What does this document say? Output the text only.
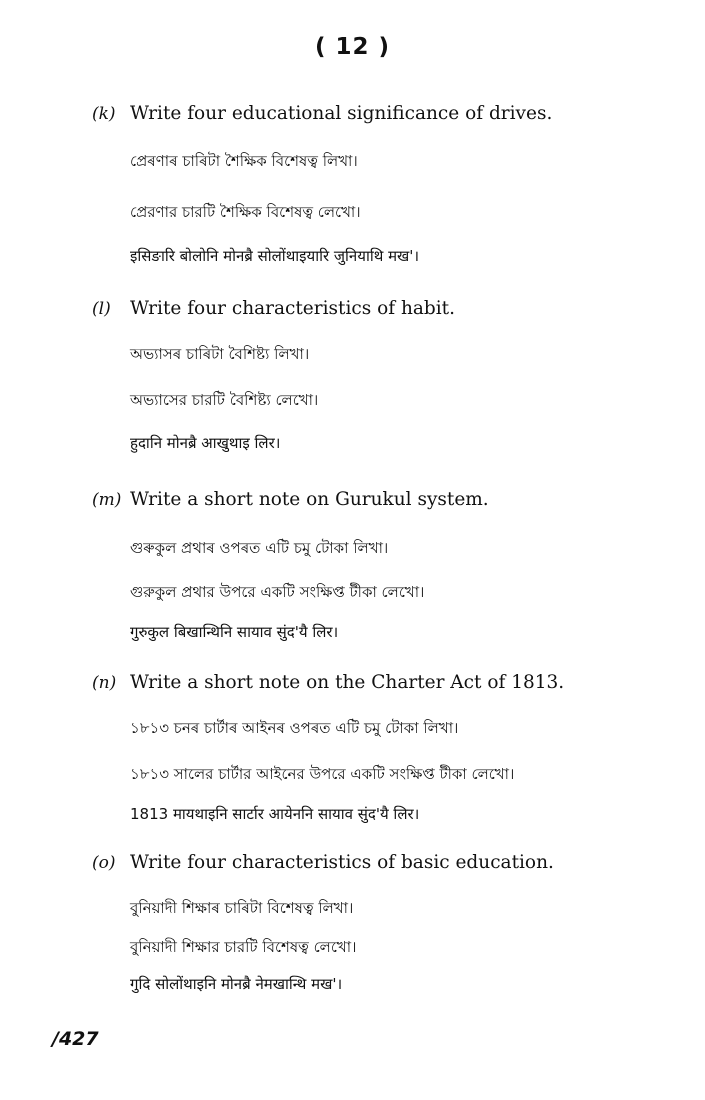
( 12 )
(k) Write four educational significance of drives.
প্ৰেৰণাৰ চাৰিটা শৈক্ষিক বিশেষত্ব লিখা।
প্রেরণার চারটি শৈক্ষিক বিশেষত্ব লেখো।
इसिङारि बोलोनि मोनब्रै सोलोंथाइयारि जुनियाथि मख'।
(l) Write four characteristics of habit.
অভ্যাসৰ চাৰিটা বৈশিষ্ট্য লিখা।
অভ্যাসের চারটি বৈশিষ্ট্য লেখো।
हुदानि मोनब्रै आखुथाइ लिर।
(m) Write a short note on Gurukul system.
গুৰুকুল প্ৰথাৰ ওপৰত এটি চমু টোকা লিখা।
গুরুকুল প্রথার উপরে একটি সংক্ষিপ্ত টীকা লেখো।
गुरुकुल बिखान्थिनि सायाव सुंद'यै लिर।
(n) Write a short note on the Charter Act of 1813.
১৮১৩ চনৰ চাৰ্টাৰ আইনৰ ওপৰত এটি চমু টোকা লিখা।
১৮১৩ সালের চার্টার আইনের উপরে একটি সংক্ষিপ্ত টীকা লেখো।
1813 मायथाइनि सार्टार आयेननि सायाव सुंद'यै लिर।
(o) Write four characteristics of basic education.
বুনিয়াদী শিক্ষাৰ চাৰিটা বিশেষত্ব লিখা।
বুনিয়াদী শিক্ষার চারটি বিশেষত্ব লেখো।
गुदि सोलोंथाइनि मोनब्रै नेमखान्थि मख'।
/427
